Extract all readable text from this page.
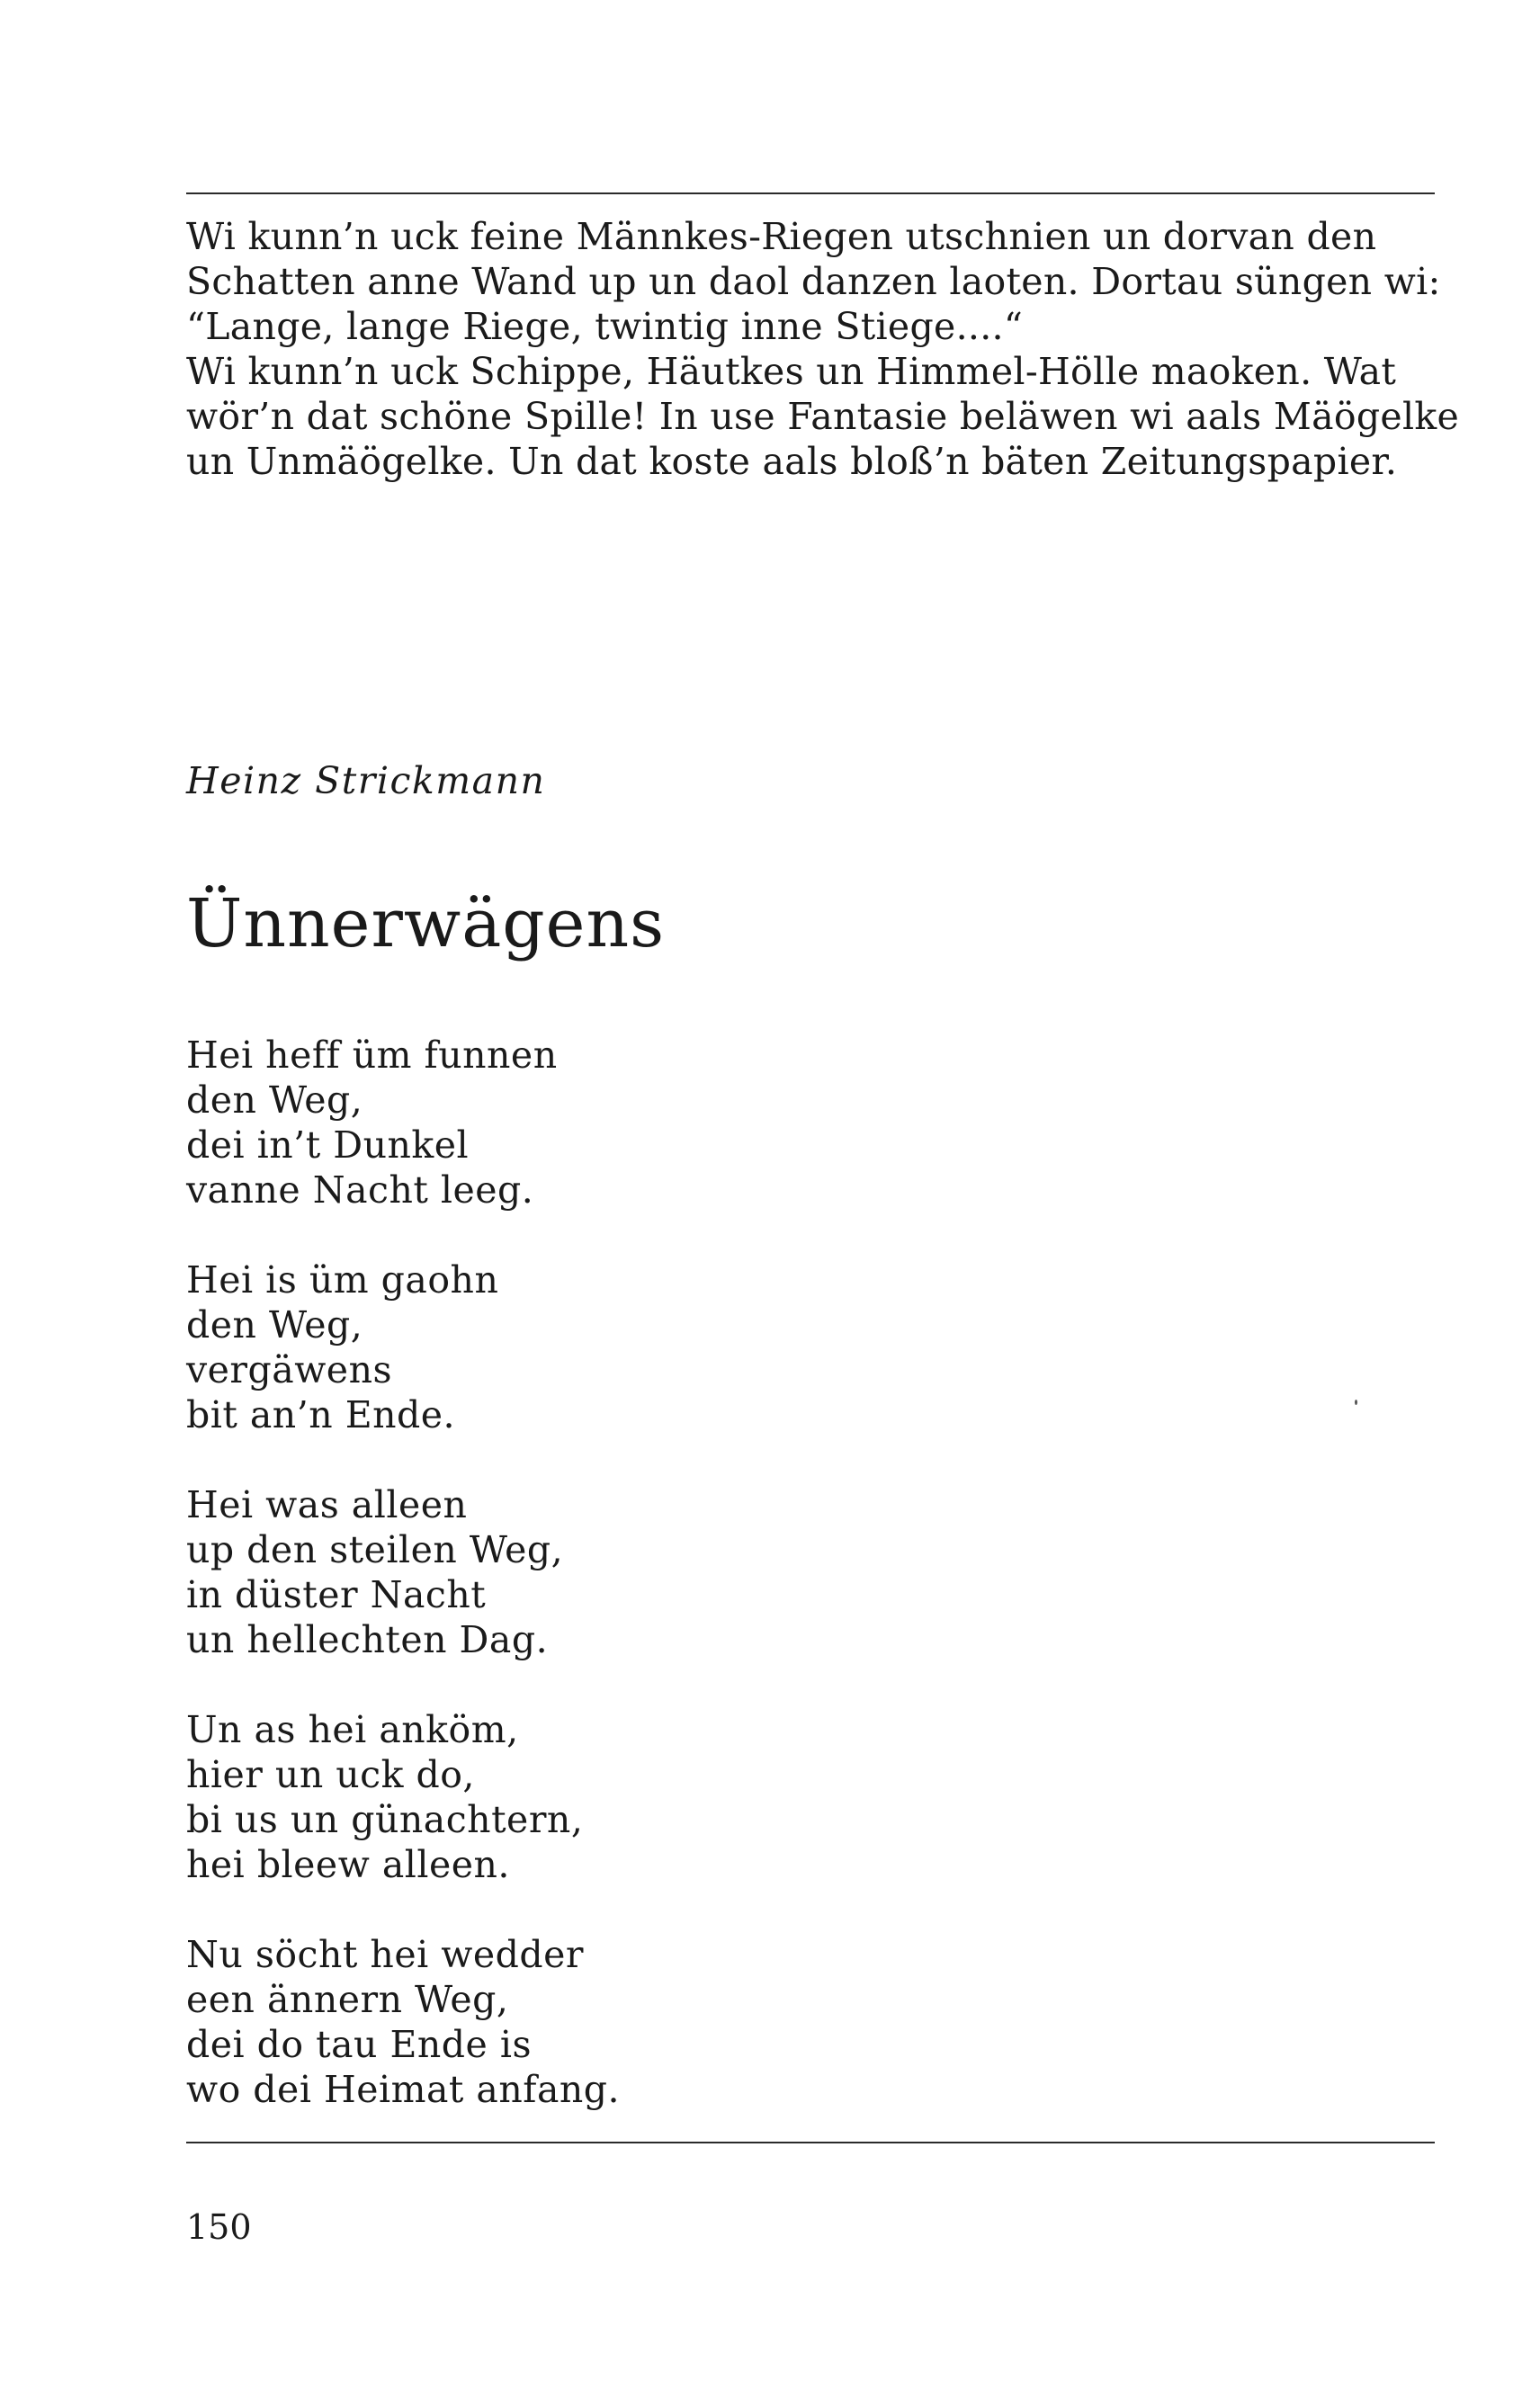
Wi kunn’n uck feine Männkes-Riegen utschnien un dorvan den
Schatten anne Wand up un daol danzen laoten. Dortau süngen wi:
“Lange, lange Riege, twintig inne Stiege....“
Wi kunn’n uck Schippe, Häutkes un Himmel-Hölle maoken. Wat
wör’n dat schöne Spille! In use Fantasie beläwen wi aals Mäögelke
un Unmäögelke. Un dat koste aals bloß’n bäten Zeitungspapier.
Heinz Strickmann
Ünnerwägens
Hei heff üm funnen
den Weg,
dei in’t Dunkel
vanne Nacht leeg.
Hei is üm gaohn
den Weg,
vergäwens
bit an’n Ende.
Hei was alleen
up den steilen Weg,
in düster Nacht
un hellechten Dag.
Un as hei anköm,
hier un uck do,
bi us un günachtern,
hei bleew alleen.
Nu söcht hei wedder
een ännern Weg,
dei do tau Ende is
wo dei Heimat anfang.
150
